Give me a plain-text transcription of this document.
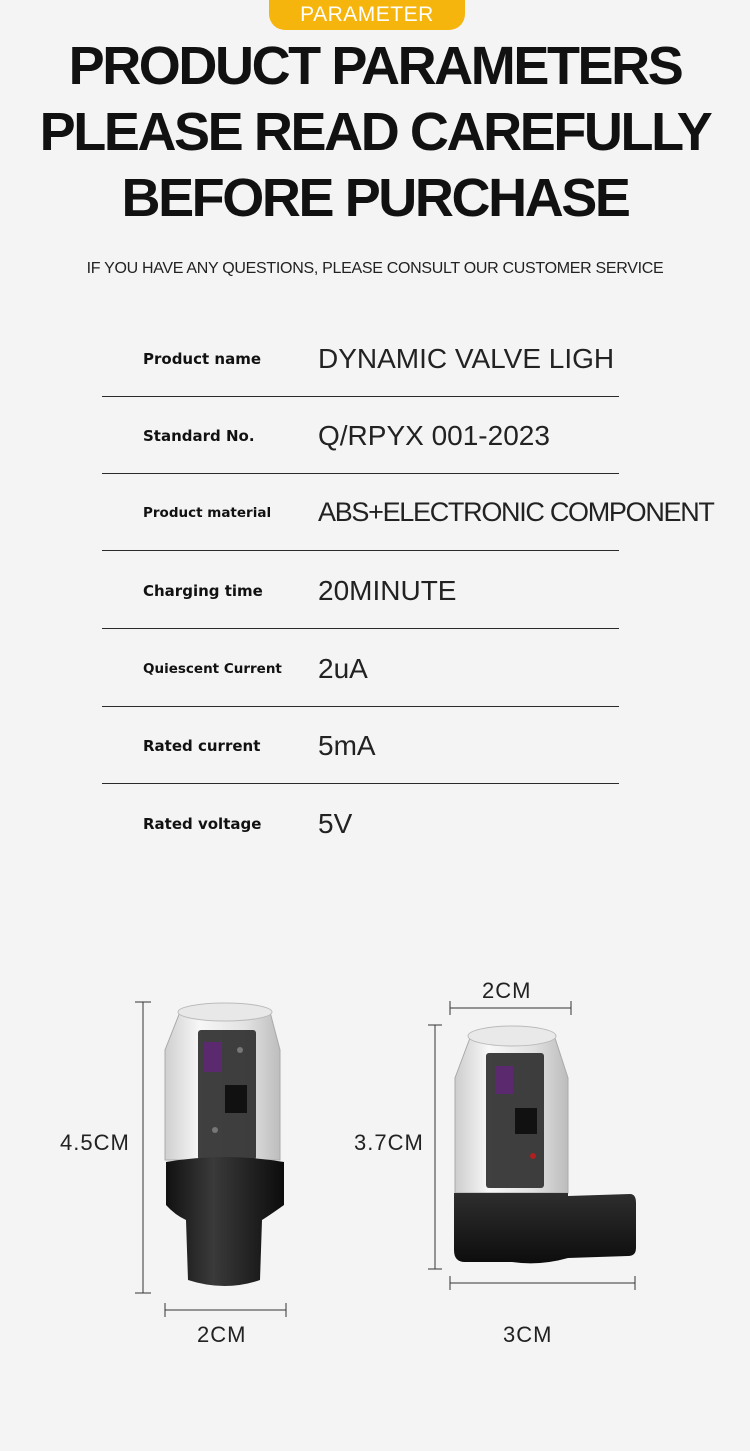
PARAMETER
PRODUCT PARAMETERS
PLEASE READ CAREFULLY
BEFORE PURCHASE
IF YOU HAVE ANY QUESTIONS, PLEASE CONSULT OUR CUSTOMER SERVICE
Product name DYNAMIC VALVE LIGH
Standard No. Q/RPYX 001-2023
Product material ABS+ELECTRONIC COMPONENT
Charging time 20MINUTE
Quiescent Current 2uA
Rated current 5mA
Rated voltage 5V
4.5CM
2CM
2CM
3.7CM
3CM
